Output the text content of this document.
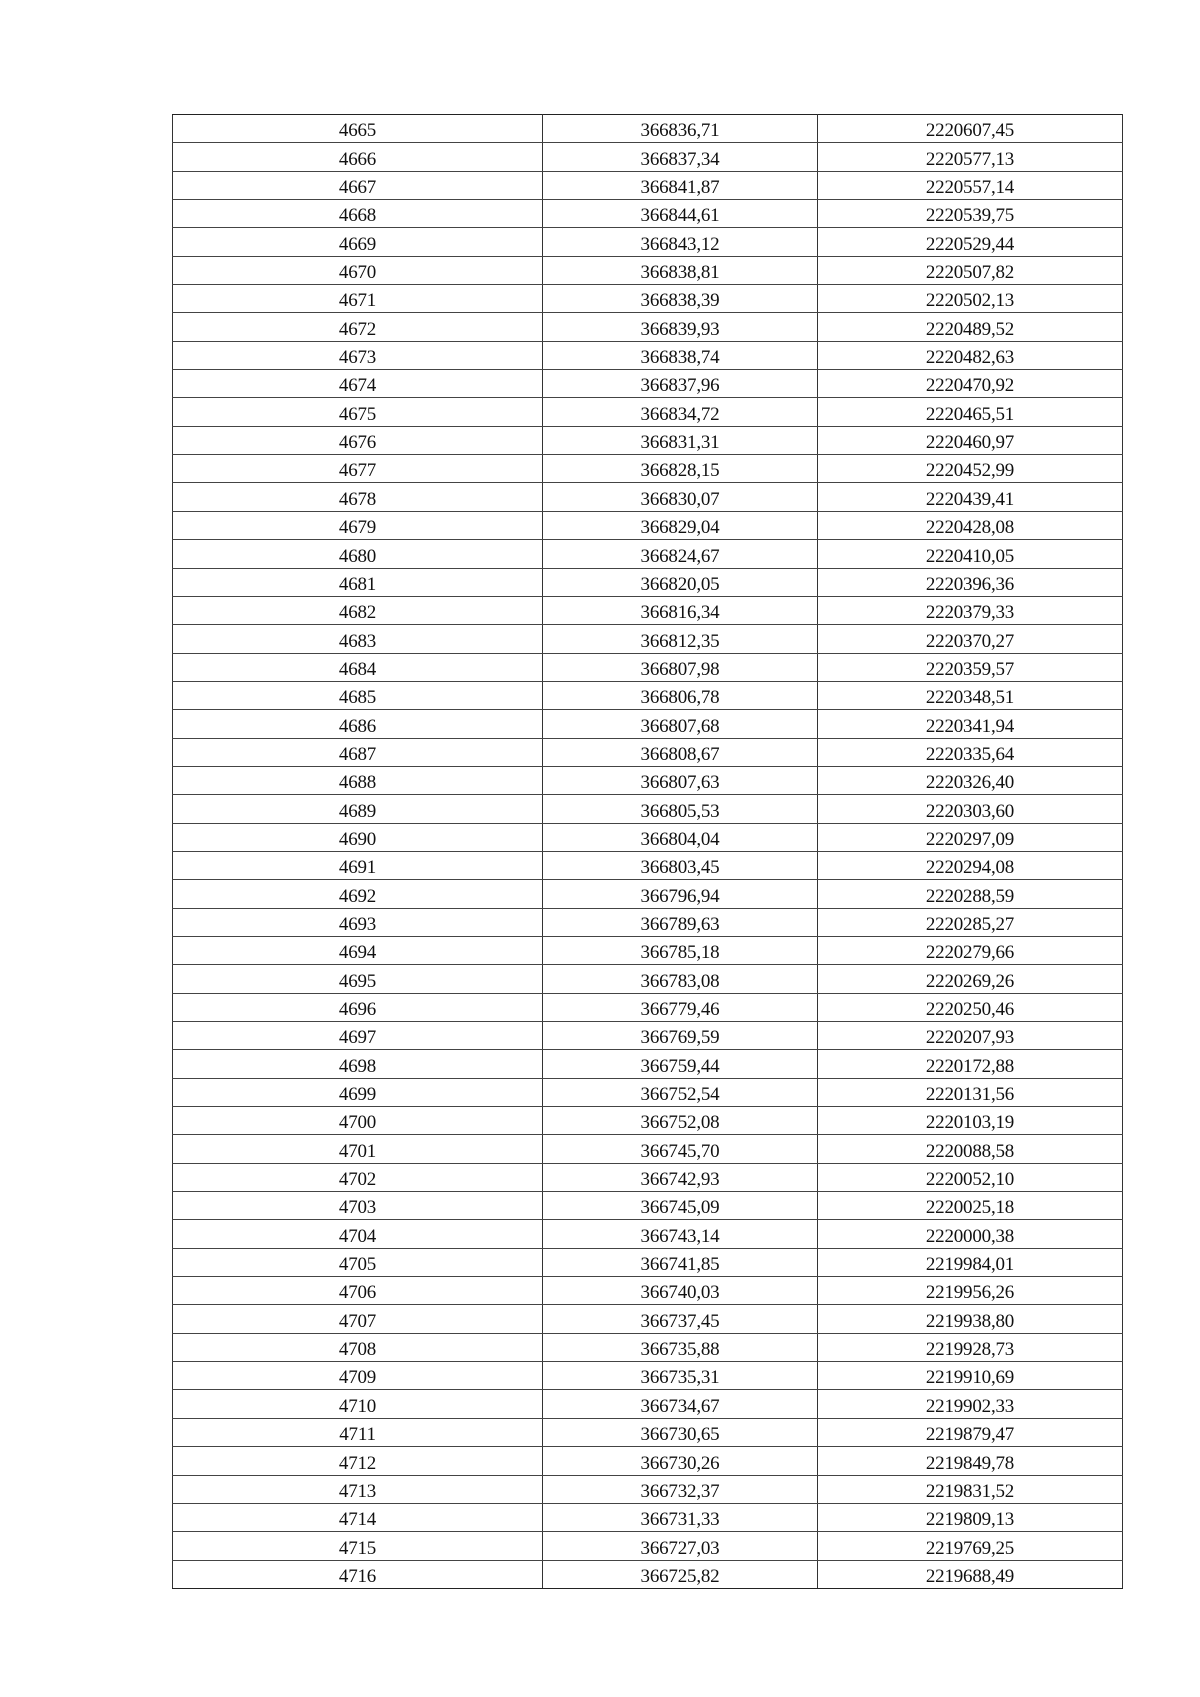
4665	366836,71	2220607,45
4666	366837,34	2220577,13
4667	366841,87	2220557,14
4668	366844,61	2220539,75
4669	366843,12	2220529,44
4670	366838,81	2220507,82
4671	366838,39	2220502,13
4672	366839,93	2220489,52
4673	366838,74	2220482,63
4674	366837,96	2220470,92
4675	366834,72	2220465,51
4676	366831,31	2220460,97
4677	366828,15	2220452,99
4678	366830,07	2220439,41
4679	366829,04	2220428,08
4680	366824,67	2220410,05
4681	366820,05	2220396,36
4682	366816,34	2220379,33
4683	366812,35	2220370,27
4684	366807,98	2220359,57
4685	366806,78	2220348,51
4686	366807,68	2220341,94
4687	366808,67	2220335,64
4688	366807,63	2220326,40
4689	366805,53	2220303,60
4690	366804,04	2220297,09
4691	366803,45	2220294,08
4692	366796,94	2220288,59
4693	366789,63	2220285,27
4694	366785,18	2220279,66
4695	366783,08	2220269,26
4696	366779,46	2220250,46
4697	366769,59	2220207,93
4698	366759,44	2220172,88
4699	366752,54	2220131,56
4700	366752,08	2220103,19
4701	366745,70	2220088,58
4702	366742,93	2220052,10
4703	366745,09	2220025,18
4704	366743,14	2220000,38
4705	366741,85	2219984,01
4706	366740,03	2219956,26
4707	366737,45	2219938,80
4708	366735,88	2219928,73
4709	366735,31	2219910,69
4710	366734,67	2219902,33
4711	366730,65	2219879,47
4712	366730,26	2219849,78
4713	366732,37	2219831,52
4714	366731,33	2219809,13
4715	366727,03	2219769,25
4716	366725,82	2219688,49
